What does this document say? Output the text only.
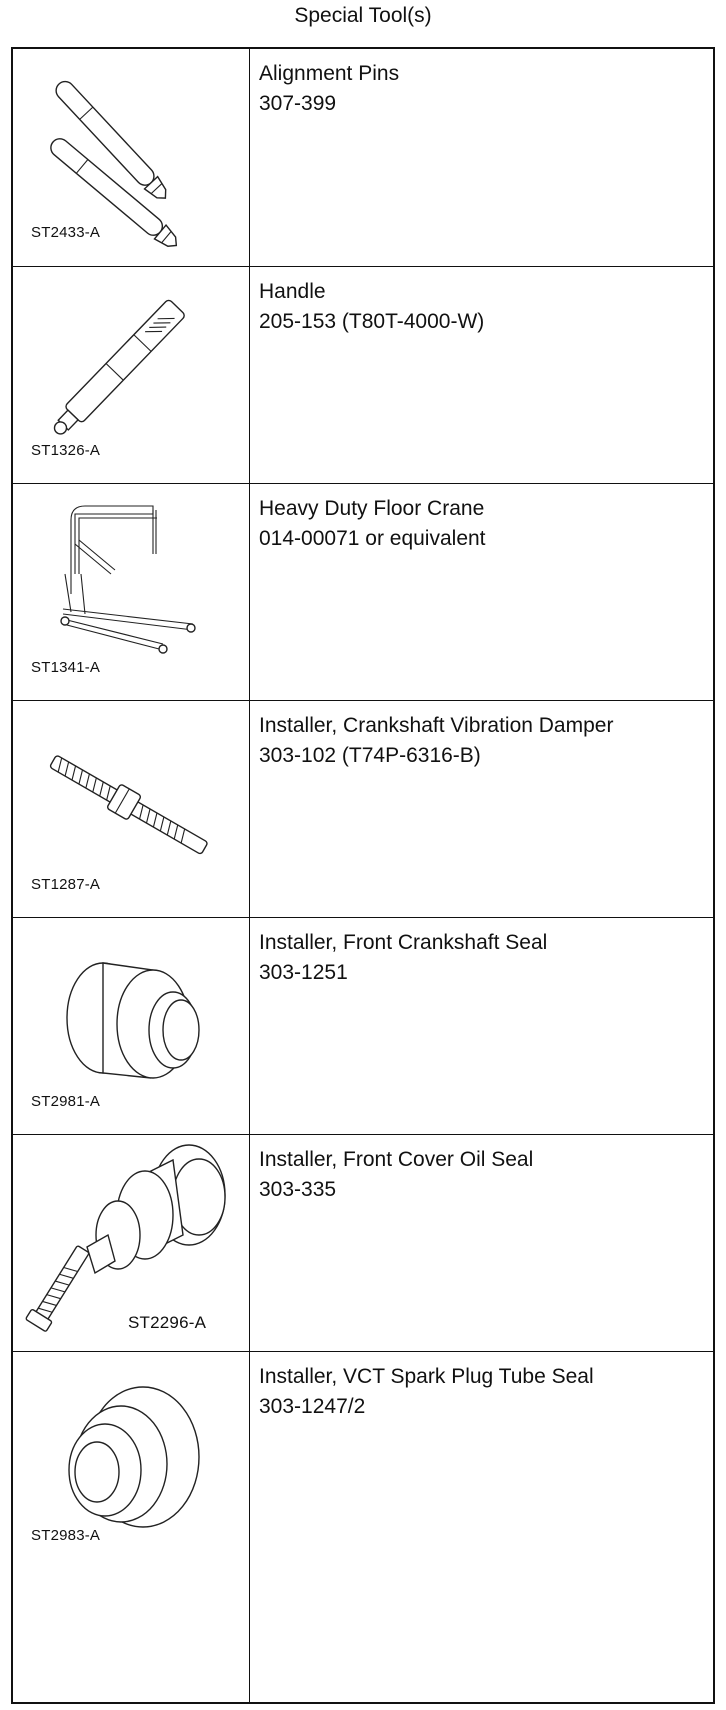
Special Tool(s)
ST2433-A
Alignment Pins
307-399
ST1326-A
Handle
205-153 (T80T-4000-W)
ST1341-A
Heavy Duty Floor Crane
014-00071 or equivalent
ST1287-A
Installer, Crankshaft Vibration Damper
303-102 (T74P-6316-B)
ST2981-A
Installer, Front Crankshaft Seal
303-1251
ST2296-A
Installer, Front Cover Oil Seal
303-335
ST2983-A
Installer, VCT Spark Plug Tube Seal
303-1247/2
